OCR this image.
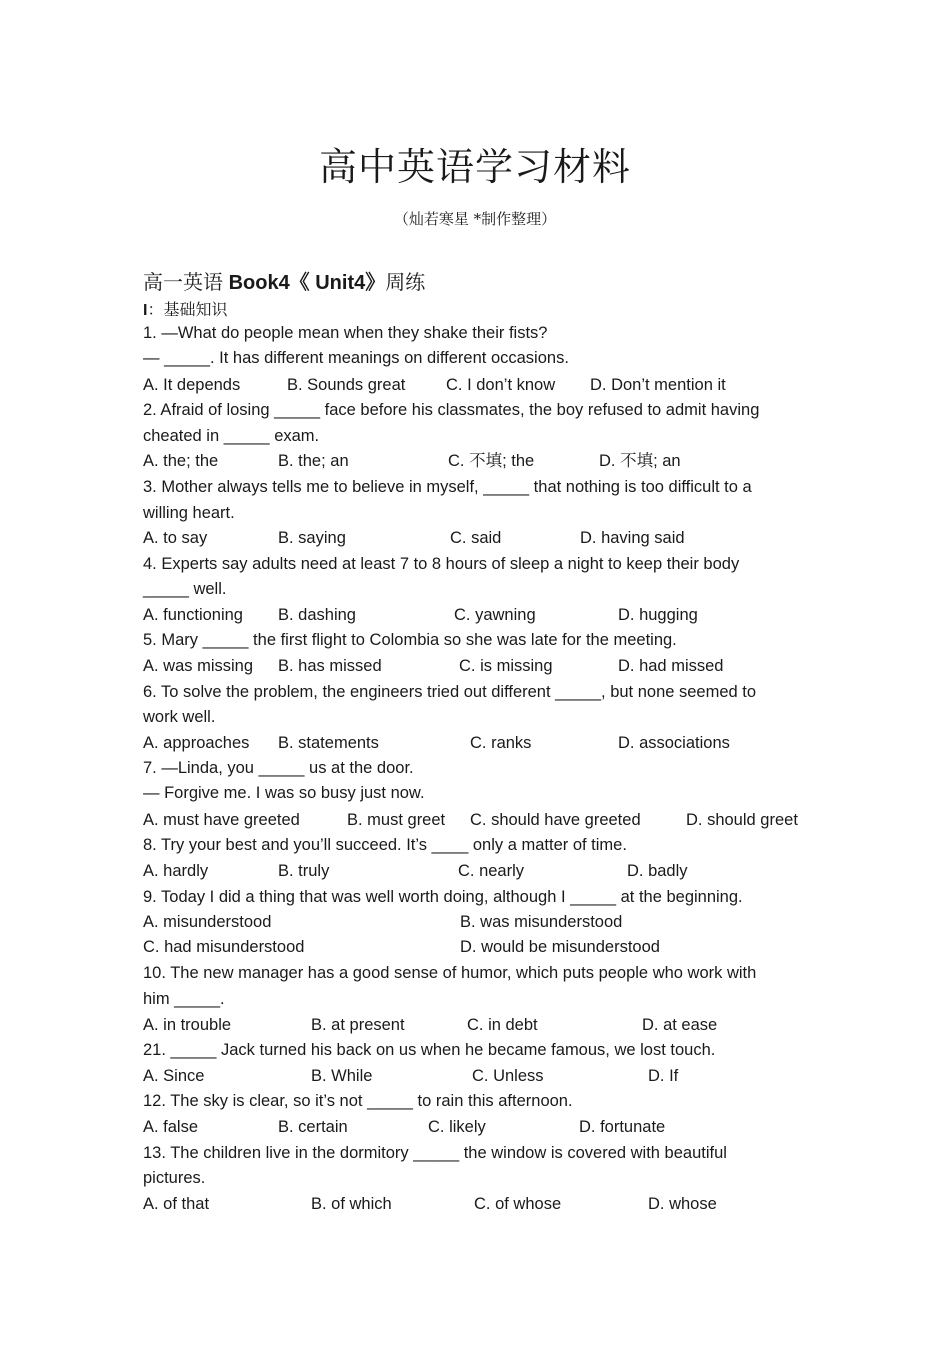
高中英语学习材料
（灿若寒星 *制作整理）
高一英语 Book4《 Unit4》周练
I：基础知识
1. —What do people mean when they shake their fists?
— _____. It has different meanings on different occasions.
A. It depends	B. Sounds great C. I don’t know D. Don’t mention it
2. Afraid of losing _____ face before his classmates, the boy refused to admit having
cheated in _____ exam.
A. the; the	B. the; an	C. 不填; the	D. 不填; an
3. Mother always tells me to believe in myself, _____ that nothing is too difficult to a
willing heart.
A. to say	B. saying	C. said	D. having said
4. Experts say adults need at least 7 to 8 hours of sleep a night to keep their body
_____ well.
A. functioning B. dashing	C. yawning	D. hugging
5. Mary _____ the first flight to Colombia so she was late for the meeting.
A. was missing B. has missed	C. is missing	D. had missed
6. To solve the problem, the engineers tried out different _____, but none seemed to
work well.
A. approaches B. statements	C. ranks	D. associations
7. —Linda, you _____ us at the door.
— Forgive me. I was so busy just now.
A. must have greeted	B. must greet C. should have greeted	D. should greet
8. Try your best and you’ll succeed. It’s ____ only a matter of time.
A. hardly	B. truly	C. nearly	D. badly
9. Today I did a thing that was well worth doing, although I _____ at the beginning.
A. misunderstood	B. was misunderstood
C. had misunderstood	D. would be misunderstood
10. The new manager has a good sense of humor, which puts people who work with
him _____.
A. in trouble	B. at present	C. in debt	D. at ease
21. _____ Jack turned his back on us when he became famous, we lost touch.
A. Since	B. While	C. Unless	D. If
12. The sky is clear, so it’s not _____ to rain this afternoon.
A. false	B. certain	C. likely	D. fortunate
13. The children live in the dormitory _____ the window is covered with beautiful
pictures.
A. of that	B. of which	C. of whose	D. whose
